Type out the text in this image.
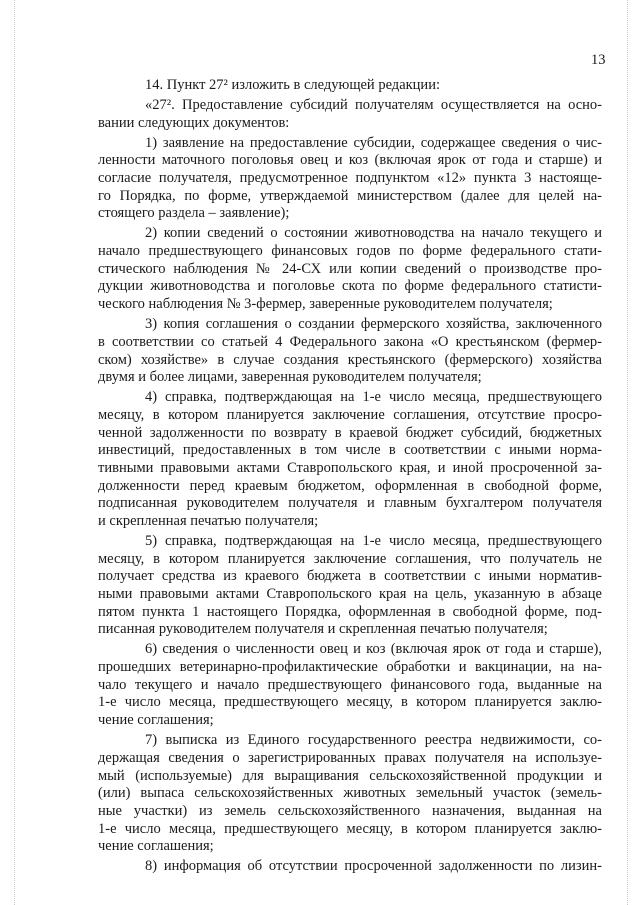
13
14. Пункт 27² изложить в следующей редакции:
«27². Предоставление субсидий получателям осуществляется на осно-
вании следующих документов:
1) заявление на предоставление субсидии, содержащее сведения о чис-
ленности маточного поголовья овец и коз (включая ярок от года и старше) и
согласие получателя, предусмотренное подпунктом «12» пункта 3 настояще-
го Порядка, по форме, утверждаемой министерством (далее для целей на-
стоящего раздела – заявление);
2) копии сведений о состоянии животноводства на начало текущего и
начало предшествующего финансовых годов по форме федерального стати-
стического наблюдения № 24-СХ или копии сведений о производстве про-
дукции животноводства и поголовье скота по форме федерального статисти-
ческого наблюдения № 3-фермер, заверенные руководителем получателя;
3) копия соглашения о создании фермерского хозяйства, заключенного
в соответствии со статьей 4 Федерального закона «О крестьянском (фермер-
ском) хозяйстве» в случае создания крестьянского (фермерского) хозяйства
двумя и более лицами, заверенная руководителем получателя;
4) справка, подтверждающая на 1-е число месяца, предшествующего
месяцу, в котором планируется заключение соглашения, отсутствие просро-
ченной задолженности по возврату в краевой бюджет субсидий, бюджетных
инвестиций, предоставленных в том числе в соответствии с иными норма-
тивными правовыми актами Ставропольского края, и иной просроченной за-
долженности перед краевым бюджетом, оформленная в свободной форме,
подписанная руководителем получателя и главным бухгалтером получателя
и скрепленная печатью получателя;
5) справка, подтверждающая на 1-е число месяца, предшествующего
месяцу, в котором планируется заключение соглашения, что получатель не
получает средства из краевого бюджета в соответствии с иными норматив-
ными правовыми актами Ставропольского края на цель, указанную в абзаце
пятом пункта 1 настоящего Порядка, оформленная в свободной форме, под-
писанная руководителем получателя и скрепленная печатью получателя;
6) сведения о численности овец и коз (включая ярок от года и старше),
прошедших ветеринарно-профилактические обработки и вакцинации, на на-
чало текущего и начало предшествующего финансового года, выданные на
1-е число месяца, предшествующего месяцу, в котором планируется заклю-
чение соглашения;
7) выписка из Единого государственного реестра недвижимости, со-
держащая сведения о зарегистрированных правах получателя на используе-
мый (используемые) для выращивания сельскохозяйственной продукции и
(или) выпаса сельскохозяйственных животных земельный участок (земель-
ные участки) из земель сельскохозяйственного назначения, выданная на
1-е число месяца, предшествующего месяцу, в котором планируется заклю-
чение соглашения;
8) информация об отсутствии просроченной задолженности по лизин-
